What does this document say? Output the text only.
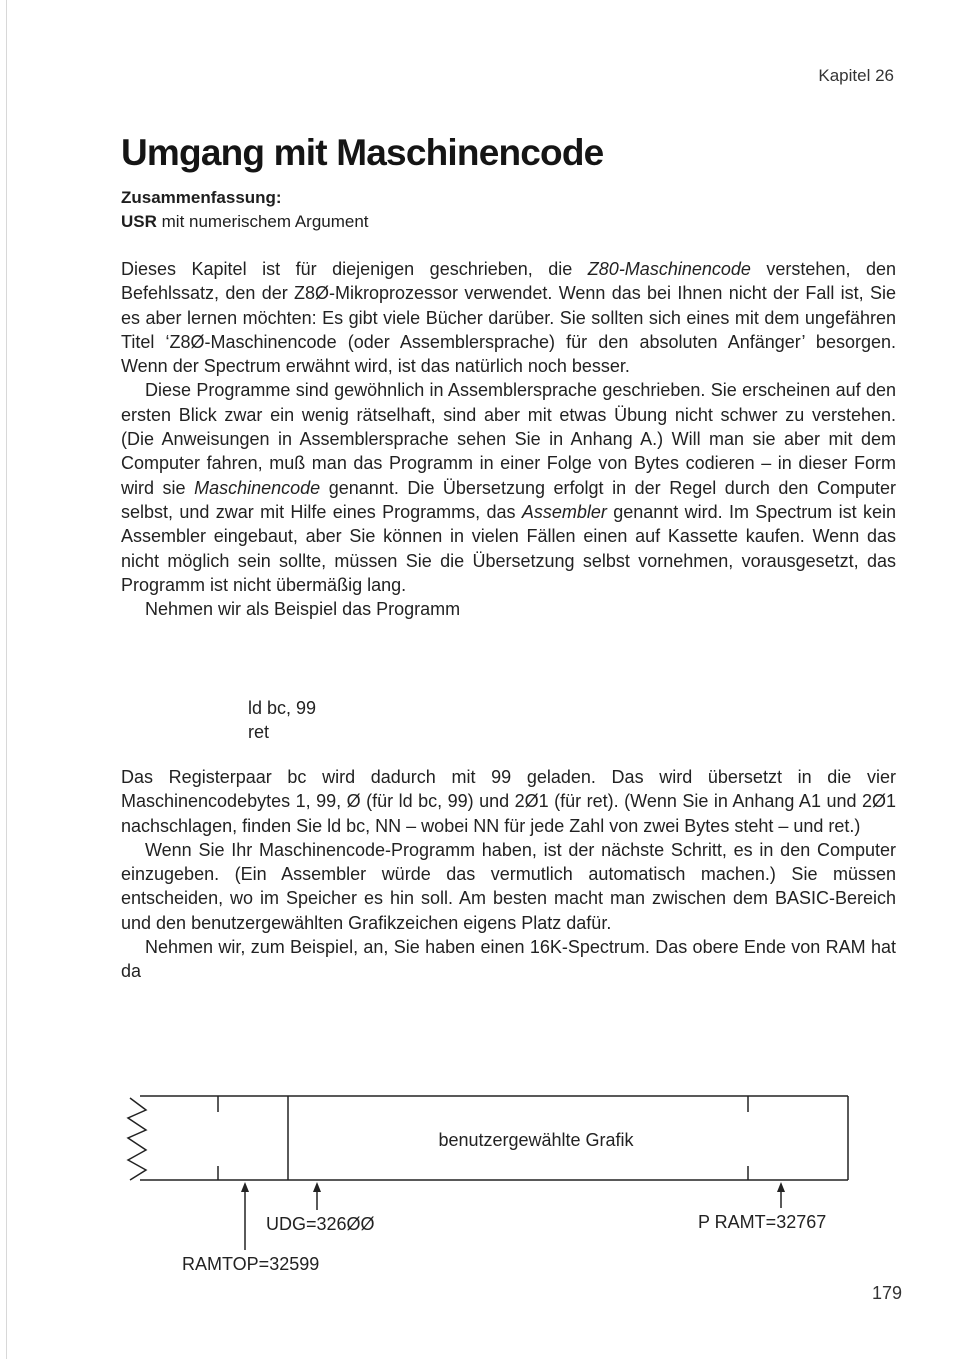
Kapitel 26
Umgang mit Maschinencode
Zusammenfassung:
USR mit numerischem Argument

Dieses Kapitel ist für diejenigen geschrieben, die Z80-Maschinencode verstehen, den Befehlssatz, den der Z8Ø-Mikroprozessor verwendet. Wenn das bei Ihnen nicht der Fall ist, Sie es aber lernen möchten: Es gibt viele Bücher darüber. Sie sollten sich eines mit dem ungefähren Titel ‘Z8Ø-Maschinencode (oder Assemblersprache) für den absoluten Anfänger’ besorgen. Wenn der Spectrum erwähnt wird, ist das natürlich noch besser.

Diese Programme sind gewöhnlich in Assemblersprache geschrieben. Sie erscheinen auf den ersten Blick zwar ein wenig rätselhaft, sind aber mit etwas Übung nicht schwer zu verstehen. (Die Anweisungen in Assemblersprache sehen Sie in Anhang A.) Will man sie aber mit dem Computer fahren, muß man das Programm in einer Folge von Bytes codieren – in dieser Form wird sie Maschinencode genannt. Die Übersetzung erfolgt in der Regel durch den Computer selbst, und zwar mit Hilfe eines Programms, das Assembler genannt wird. Im Spectrum ist kein Assembler eingebaut, aber Sie können in vielen Fällen einen auf Kassette kaufen. Wenn das nicht möglich sein sollte, müssen Sie die Übersetzung selbst vornehmen, vorausgesetzt, das Programm ist nicht übermäßig lang.

Nehmen wir als Beispiel das Programm

ld bc, 99
ret

Das Registerpaar bc wird dadurch mit 99 geladen. Das wird übersetzt in die vier Maschinencodebytes 1, 99, Ø (für ld bc, 99) und 2Ø1 (für ret). (Wenn Sie in Anhang A1 und 2Ø1 nachschlagen, finden Sie ld bc, NN – wobei NN für jede Zahl von zwei Bytes steht – und ret.)

Wenn Sie Ihr Maschinencode-Programm haben, ist der nächste Schritt, es in den Computer einzugeben. (Ein Assembler würde das vermutlich automatisch machen.) Sie müssen entscheiden, wo im Speicher es hin soll. Am besten macht man zwischen dem BASIC-Bereich und den benutzergewählten Grafikzeichen eigens Platz dafür.

Nehmen wir, zum Beispiel, an, Sie haben einen 16K-Spectrum. Das obere Ende von RAM hat da

benutzergewählte Grafik
UDG=326ØØ	P RAMT=32767
RAMTOP=32599
179
